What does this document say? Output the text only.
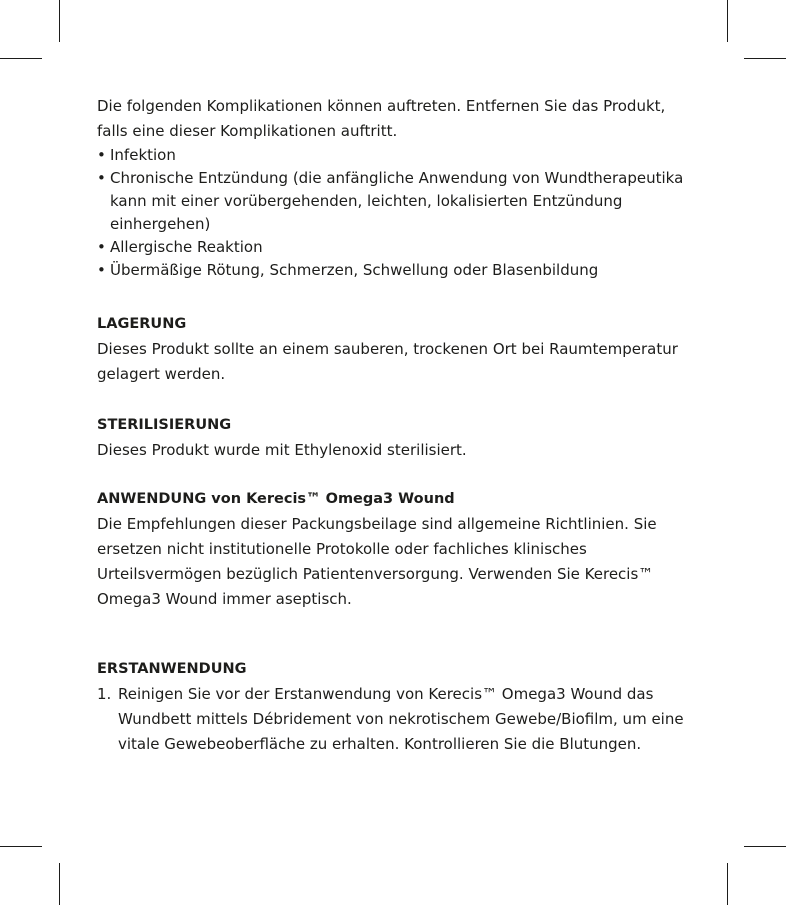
Die folgenden Komplikationen können auftreten. Entfernen Sie das Produkt, falls eine dieser Komplikationen auftritt.

• Infektion
• Chronische Entzündung (die anfängliche Anwendung von Wundtherapeutika kann mit einer vorübergehenden, leichten, lokalisierten Entzündung einhergehen)
• Allergische Reaktion
• Übermäßige Rötung, Schmerzen, Schwellung oder Blasenbildung
LAGERUNG

Dieses Produkt sollte an einem sauberen, trockenen Ort bei Raumtemperatur gelagert werden.

STERILISIERUNG

Dieses Produkt wurde mit Ethylenoxid sterilisiert.

ANWENDUNG von Kerecis™ Omega3 Wound

Die Empfehlungen dieser Packungsbeilage sind allgemeine Richtlinien. Sie ersetzen nicht institutionelle Protokolle oder fachliches klinisches Urteilsvermögen bezüglich Patientenversorgung. Verwenden Sie Kerecis™ Omega3 Wound immer aseptisch.

ERSTANWENDUNG
1. Reinigen Sie vor der Erstanwendung von Kerecis™ Omega3 Wound das Wundbett mittels Débridement von nekrotischem Gewebe/Biofilm, um eine vitale Gewebeoberfläche zu erhalten. Kontrollieren Sie die Blutungen.
